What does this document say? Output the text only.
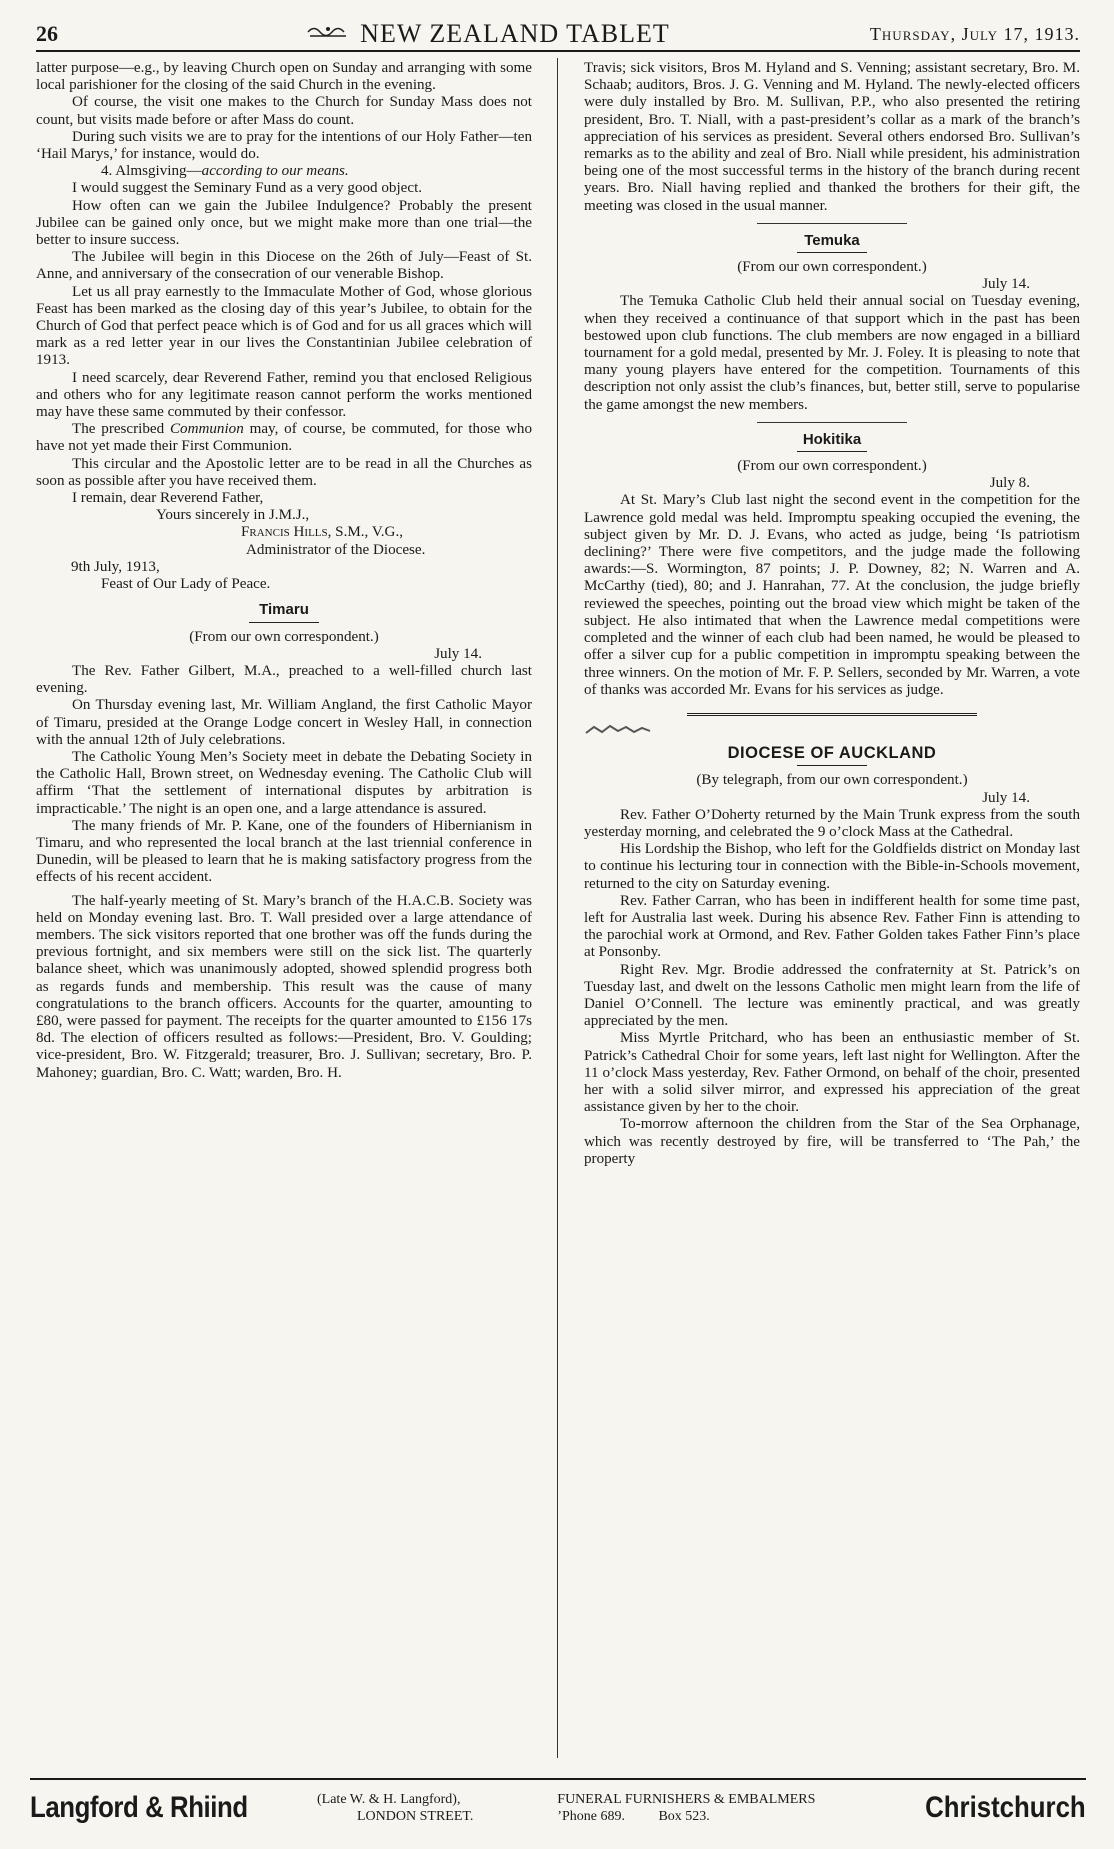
26	NEW ZEALAND TABLET	Thursday, July 17, 1913.

latter purpose—e.g., by leaving Church open on Sunday and arranging with some local parishioner for the closing of the said Church in the evening.

Of course, the visit one makes to the Church for Sunday Mass does not count, but visits made before or after Mass do count.

During such visits we are to pray for the intentions of our Holy Father—ten ‘Hail Marys,’ for instance, would do.

4. Almsgiving—according to our means.

I would suggest the Seminary Fund as a very good object.

How often can we gain the Jubilee Indulgence? Probably the present Jubilee can be gained only once, but we might make more than one trial—the better to insure success.

The Jubilee will begin in this Diocese on the 26th of July—Feast of St. Anne, and anniversary of the consecration of our venerable Bishop.

Let us all pray earnestly to the Immaculate Mother of God, whose glorious Feast has been marked as the closing day of this year’s Jubilee, to obtain for the Church of God that perfect peace which is of God and for us all graces which will mark as a red letter year in our lives the Constantinian Jubilee celebration of 1913.

I need scarcely, dear Reverend Father, remind you that enclosed Religious and others who for any legitimate reason cannot perform the works mentioned may have these same commuted by their confessor.

The prescribed Communion may, of course, be commuted, for those who have not yet made their First Communion.

This circular and the Apostolic letter are to be read in all the Churches as soon as possible after you have received them.

I remain, dear Reverend Father,

Yours sincerely in J.M.J.,

Francis Hills, S.M., V.G.,

Administrator of the Diocese.

9th July, 1913,

Feast of Our Lady of Peace.

Timaru

(From our own correspondent.)

July 14.

The Rev. Father Gilbert, M.A., preached to a well-filled church last evening.

On Thursday evening last, Mr. William Angland, the first Catholic Mayor of Timaru, presided at the Orange Lodge concert in Wesley Hall, in connection with the annual 12th of July celebrations.

The Catholic Young Men’s Society meet in debate the Debating Society in the Catholic Hall, Brown street, on Wednesday evening. The Catholic Club will affirm ‘That the settlement of international disputes by arbitration is impracticable.’ The night is an open one, and a large attendance is assured.

The many friends of Mr. P. Kane, one of the founders of Hibernianism in Timaru, and who represented the local branch at the last triennial conference in Dunedin, will be pleased to learn that he is making satisfactory progress from the effects of his recent accident.

The half-yearly meeting of St. Mary’s branch of the H.A.C.B. Society was held on Monday evening last. Bro. T. Wall presided over a large attendance of members. The sick visitors reported that one brother was off the funds during the previous fortnight, and six members were still on the sick list. The quarterly balance sheet, which was unanimously adopted, showed splendid progress both as regards funds and membership. This result was the cause of many congratulations to the branch officers. Accounts for the quarter, amounting to £80, were passed for payment. The receipts for the quarter amounted to £156 17s 8d. The election of officers resulted as follows:—President, Bro. V. Goulding; vice-president, Bro. W. Fitzgerald; treasurer, Bro. J. Sullivan; secretary, Bro. P. Mahoney; guardian, Bro. C. Watt; warden, Bro. H.

Travis; sick visitors, Bros M. Hyland and S. Venning; assistant secretary, Bro. M. Schaab; auditors, Bros. J. G. Venning and M. Hyland. The newly-elected officers were duly installed by Bro. M. Sullivan, P.P., who also presented the retiring president, Bro. T. Niall, with a past-president’s collar as a mark of the branch’s appreciation of his services as president. Several others endorsed Bro. Sullivan’s remarks as to the ability and zeal of Bro. Niall while president, his administration being one of the most successful terms in the history of the branch during recent years. Bro. Niall having replied and thanked the brothers for their gift, the meeting was closed in the usual manner.

Temuka

(From our own correspondent.)

July 14.

The Temuka Catholic Club held their annual social on Tuesday evening, when they received a continuance of that support which in the past has been bestowed upon club functions. The club members are now engaged in a billiard tournament for a gold medal, presented by Mr. J. Foley. It is pleasing to note that many young players have entered for the competition. Tournaments of this description not only assist the club’s finances, but, better still, serve to popularise the game amongst the new members.

Hokitika

(From our own correspondent.)

July 8.

At St. Mary’s Club last night the second event in the competition for the Lawrence gold medal was held. Impromptu speaking occupied the evening, the subject given by Mr. D. J. Evans, who acted as judge, being ‘Is patriotism declining?’ There were five competitors, and the judge made the following awards:—S. Wormington, 87 points; J. P. Downey, 82; N. Warren and A. McCarthy (tied), 80; and J. Hanrahan, 77. At the conclusion, the judge briefly reviewed the speeches, pointing out the broad view which might be taken of the subject. He also intimated that when the Lawrence medal competitions were completed and the winner of each club had been named, he would be pleased to offer a silver cup for a public competition in impromptu speaking between the three winners. On the motion of Mr. F. P. Sellers, seconded by Mr. Warren, a vote of thanks was accorded Mr. Evans for his services as judge.

DIOCESE OF AUCKLAND

(By telegraph, from our own correspondent.)

July 14.

Rev. Father O’Doherty returned by the Main Trunk express from the south yesterday morning, and celebrated the 9 o’clock Mass at the Cathedral.

His Lordship the Bishop, who left for the Goldfields district on Monday last to continue his lecturing tour in connection with the Bible-in-Schools movement, returned to the city on Saturday evening.

Rev. Father Carran, who has been in indifferent health for some time past, left for Australia last week. During his absence Rev. Father Finn is attending to the parochial work at Ormond, and Rev. Father Golden takes Father Finn’s place at Ponsonby.

Right Rev. Mgr. Brodie addressed the confraternity at St. Patrick’s on Tuesday last, and dwelt on the lessons Catholic men might learn from the life of Daniel O’Connell. The lecture was eminently practical, and was greatly appreciated by the men.

Miss Myrtle Pritchard, who has been an enthusiastic member of St. Patrick’s Cathedral Choir for some years, left last night for Wellington. After the 11 o’clock Mass yesterday, Rev. Father Ormond, on behalf of the choir, presented her with a solid silver mirror, and expressed his appreciation of the great assistance given by her to the choir.

To-morrow afternoon the children from the Star of the Sea Orphanage, which was recently destroyed by fire, will be transferred to ‘The Pah,’ the property

Langford & Rhiind	(Late W. & H. Langford),
LONDON STREET.
FUNERAL FURNISHERS & EMBALMERS
’Phone 689. Box 523.	Christchurch
